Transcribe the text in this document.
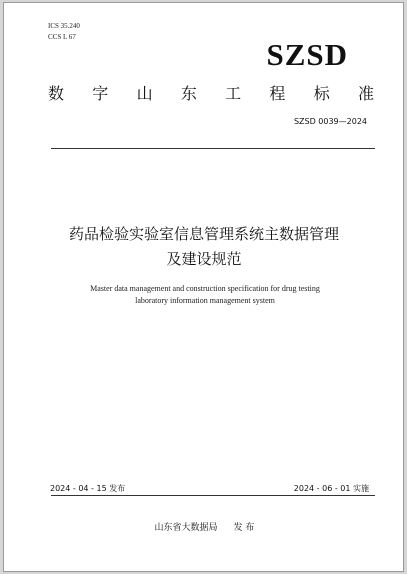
ICS 35.240
CCS L 67	SZSD
数 字 山 东 工 程 标 准
SZSD 0039—2024
药品检验实验室信息管理系统主数据管理
及建设规范
Master data management and construction specification for drug testing
laboratory information management system
2024 - 04 - 15 发布	2024 - 06 - 01 实施
山东省大数据局 发 布
